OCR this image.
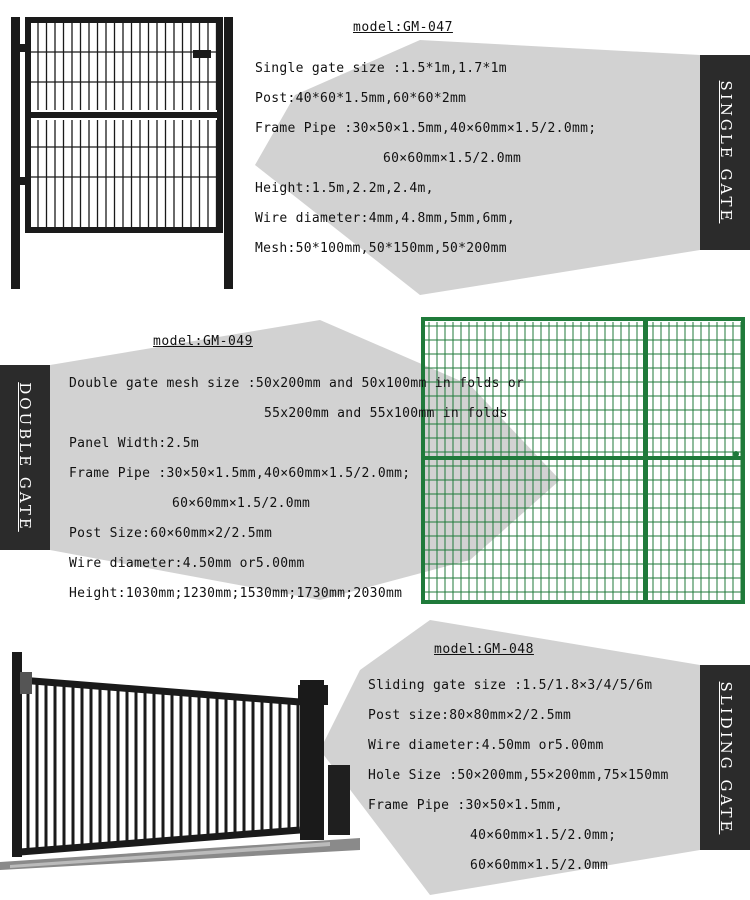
model:GM-047
Single gate size :1.5*1m,1.7*1m
Post:40*60*1.5mm,60*60*2mm
Frame Pipe :30×50×1.5mm,40×60mm×1.5/2.0mm;
60×60mm×1.5/2.0mm
Height:1.5m,2.2m,2.4m,
Wire diameter:4mm,4.8mm,5mm,6mm,
Mesh:50*100mm,50*150mm,50*200mm
SINGLE GATE
model:GM-049
Double gate mesh size :50x200mm and 50x100mm in folds or
55x200mm and 55x100mm in folds
Panel Width:2.5m
Frame Pipe :30×50×1.5mm,40×60mm×1.5/2.0mm;
60×60mm×1.5/2.0mm
Post Size:60×60mm×2/2.5mm
Wire diameter:4.50mm or5.00mm
Height:1030mm;1230mm;1530mm;1730mm;2030mm
DOUBLE GATE
model:GM-048
Sliding gate size :1.5/1.8×3/4/5/6m
Post size:80×80mm×2/2.5mm
Wire diameter:4.50mm or5.00mm
Hole Size :50×200mm,55×200mm,75×150mm
Frame Pipe :30×50×1.5mm,
40×60mm×1.5/2.0mm;
60×60mm×1.5/2.0mm
SLIDING GATE
